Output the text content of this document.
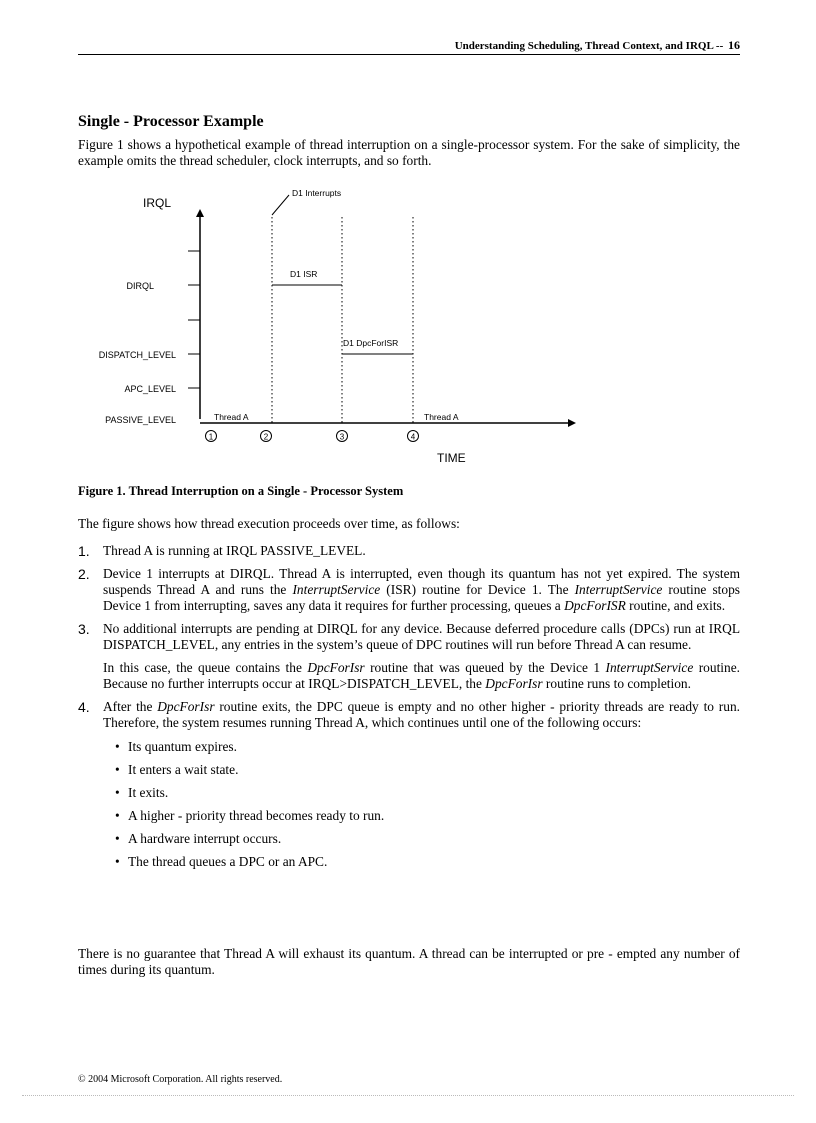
Understanding Scheduling, Thread Context, and IRQL -- 16
Single - Processor Example
Figure 1 shows a hypothetical example of thread interruption on a single-processor system. For the sake of simplicity, the example omits the thread scheduler, clock interrupts, and so forth.
IRQL
DIRQL
DISPATCH_LEVEL
APC_LEVEL
PASSIVE_LEVEL
D1 Interrupts
D1 ISR
D1 DpcForISR
Thread A	Thread A
1	2	3	4
TIME
Figure 1. Thread Interruption on a Single - Processor System
The figure shows how thread execution proceeds over time, as follows:
1. Thread A is running at IRQL PASSIVE_LEVEL.

2. Device 1 interrupts at DIRQL. Thread A is interrupted, even though its quantum has not yet expired. The system suspends Thread A and runs the InterruptService (ISR) routine for Device 1. The InterruptService routine stops Device 1 from interrupting, saves any data it requires for further processing, queues a DpcForISR routine, and exits.

3. No additional interrupts are pending at DIRQL for any device. Because deferred procedure calls (DPCs) run at IRQL DISPATCH_LEVEL, any entries in the system’s queue of DPC routines will run before Thread A can resume.

In this case, the queue contains the DpcForIsr routine that was queued by the Device 1 InterruptService routine. Because no further interrupts occur at IRQL>DISPATCH_LEVEL, the DpcForIsr routine runs to completion.

4. After the DpcForIsr routine exits, the DPC queue is empty and no other higher - priority threads are ready to run. Therefore, the system resumes running Thread A, which continues until one of the following occurs:

• Its quantum expires.
• It enters a wait state.
• It exits.
• A higher - priority thread becomes ready to run.
• A hardware interrupt occurs.
• The thread queues a DPC or an APC.
There is no guarantee that Thread A will exhaust its quantum. A thread can be interrupted or pre - empted any number of times during its quantum.
© 2004 Microsoft Corporation. All rights reserved.
